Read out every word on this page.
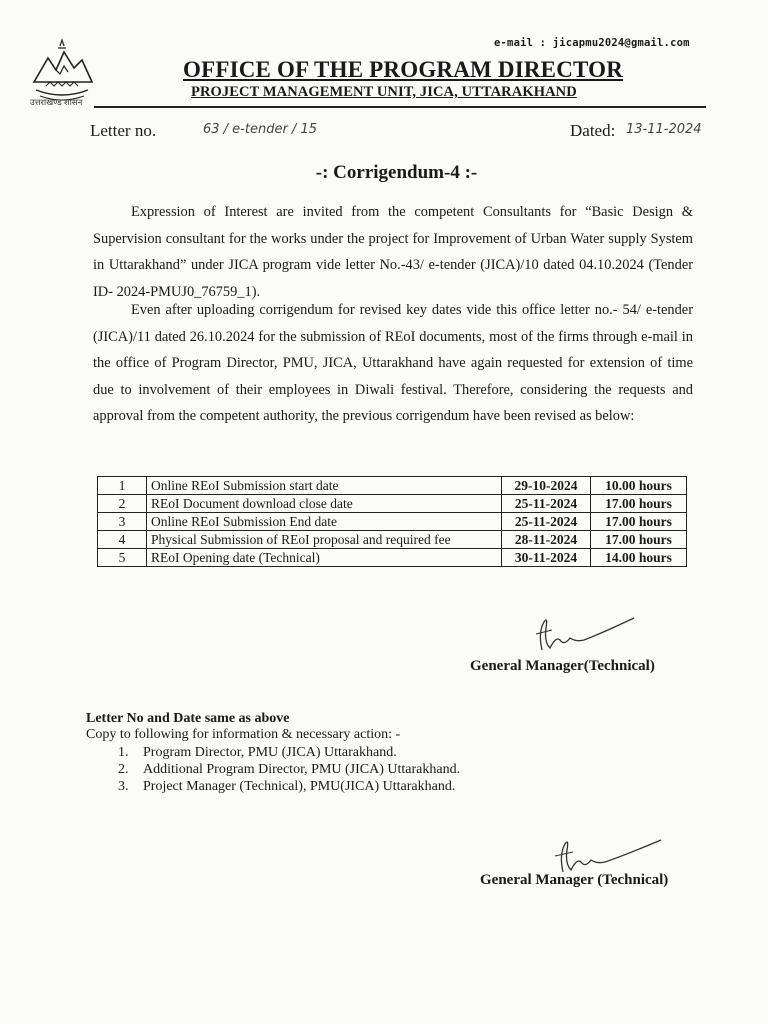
e-mail : jicapmu2024@gmail.com
उत्तराखण्ड शासन
OFFICE OF THE PROGRAM DIRECTOR
PROJECT MANAGEMENT UNIT, JICA, UTTARAKHAND
Letter no.	63 / e-tender / 15	Dated: 13-11-2024
-: Corrigendum-4 :-
Expression of Interest are invited from the competent Consultants for “Basic Design & Supervision consultant for the works under the project for Improvement of Urban Water supply System in Uttarakhand” under JICA program vide letter No.-43/ e-tender (JICA)/10 dated 04.10.2024 (Tender ID- 2024-PMUJ0_76759_1).
Even after uploading corrigendum for revised key dates vide this office letter no.- 54/ e-tender (JICA)/11 dated 26.10.2024 for the submission of REoI documents, most of the firms through e-mail in the office of Program Director, PMU, JICA, Uttarakhand have again requested for extension of time due to involvement of their employees in Diwali festival. Therefore, considering the requests and approval from the competent authority, the previous corrigendum have been revised as below:
1	Online REoI Submission start date	29-10-2024	10.00 hours
2	REoI Document download close date	25-11-2024	17.00 hours
3	Online REoI Submission End date	25-11-2024	17.00 hours
4	Physical Submission of REoI proposal and required fee	28-11-2024	17.00 hours
5	REoI Opening date (Technical)	30-11-2024	14.00 hours
General Manager(Technical)
Letter No and Date same as above
Copy to following for information & necessary action: -
1. Program Director, PMU (JICA) Uttarakhand.
2. Additional Program Director, PMU (JICA) Uttarakhand.
3. Project Manager (Technical), PMU(JICA) Uttarakhand.
General Manager (Technical)
